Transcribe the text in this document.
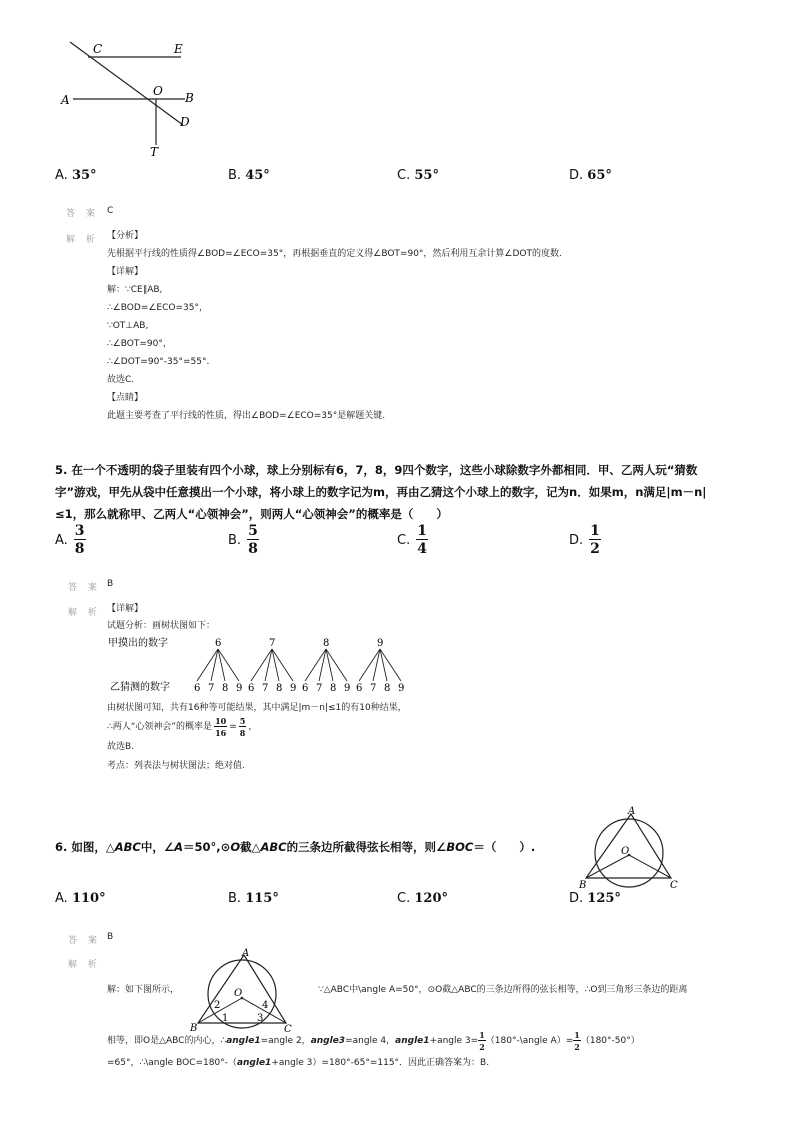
C	E
A
O B
D
T
A. 35°	B. 45°	C. 55°	D. 65°
答 案 C
解 析 【分析】
先根据平行线的性质得∠BOD=∠ECO=35°，再根据垂直的定义得∠BOT=90°，然后利用互余计算∠DOT的度数.
【详解】
解：∵CE∥AB,
∴∠BOD=∠ECO=35°，
∵OT⊥AB,
∴∠BOT=90°，
∴∠DOT=90°-35°=55°.
故选C.
【点睛】
此题主要考查了平行线的性质，得出∠BOD=∠ECO=35°是解题关键.
5. 在一个不透明的袋子里装有四个小球，球上分别标有6，7，8，9四个数字，这些小球除数字外都相同．甲、乙两人玩“猜数
字”游戏，甲先从袋中任意摸出一个小球，将小球上的数字记为m，再由乙猜这个小球上的数字，记为n．如果m，n满足|m－n|
≤1，那么就称甲、乙两人“心领神会”，则两人“心领神会”的概率是（　　）
A. $\frac{3}{8}$	B. $\frac{5}{8}$	C. $\frac{1}{4}$	D. $\frac{1}{2}$
答 案 B
解 析 【详解】
试题分析：画树状图如下：
甲摸出的数字
乙猜测的数字
6	7	8	9
6 7 8 9 6 7 8 9 6 7 8 9 6 7 8 9
由树状图可知，共有16种等可能结果，其中满足|m－n|≤1的有10种结果，
∴两人“心领神会”的概率是 $\frac{10}{16} = \frac{5}{8}$ ，
故选B.
考点：列表法与树状图法；绝对值.
6. 如图，△ABC中，∠A＝50°,⊙O截△ABC的三条边所截得弦长相等，则∠BOC＝（　　）.
A
O
B	C
A. 110°	B. 115°	C. 120°	D. 125°
答 案 B
解 析
A
O
B	C
1
2
3
4
解：如下图所示，	∵△ABC中\angle A=50°，⊙O截△ABC的三条边所得的弦长相等，∴O到三角形三条边的距离
相等，即O是△ABC的内心，∴ angle1 =angle 2， angle3 =angle 4， angle1 +angle $3= \frac{1}{2}$ （180°-\angle $A)= \frac{1}{2} (180^\circ-50^\circ)$
=65°，∴\angle BOC=180°-（angle1+angle 3）=180°-65°=115°．因此正确答案为：B.
